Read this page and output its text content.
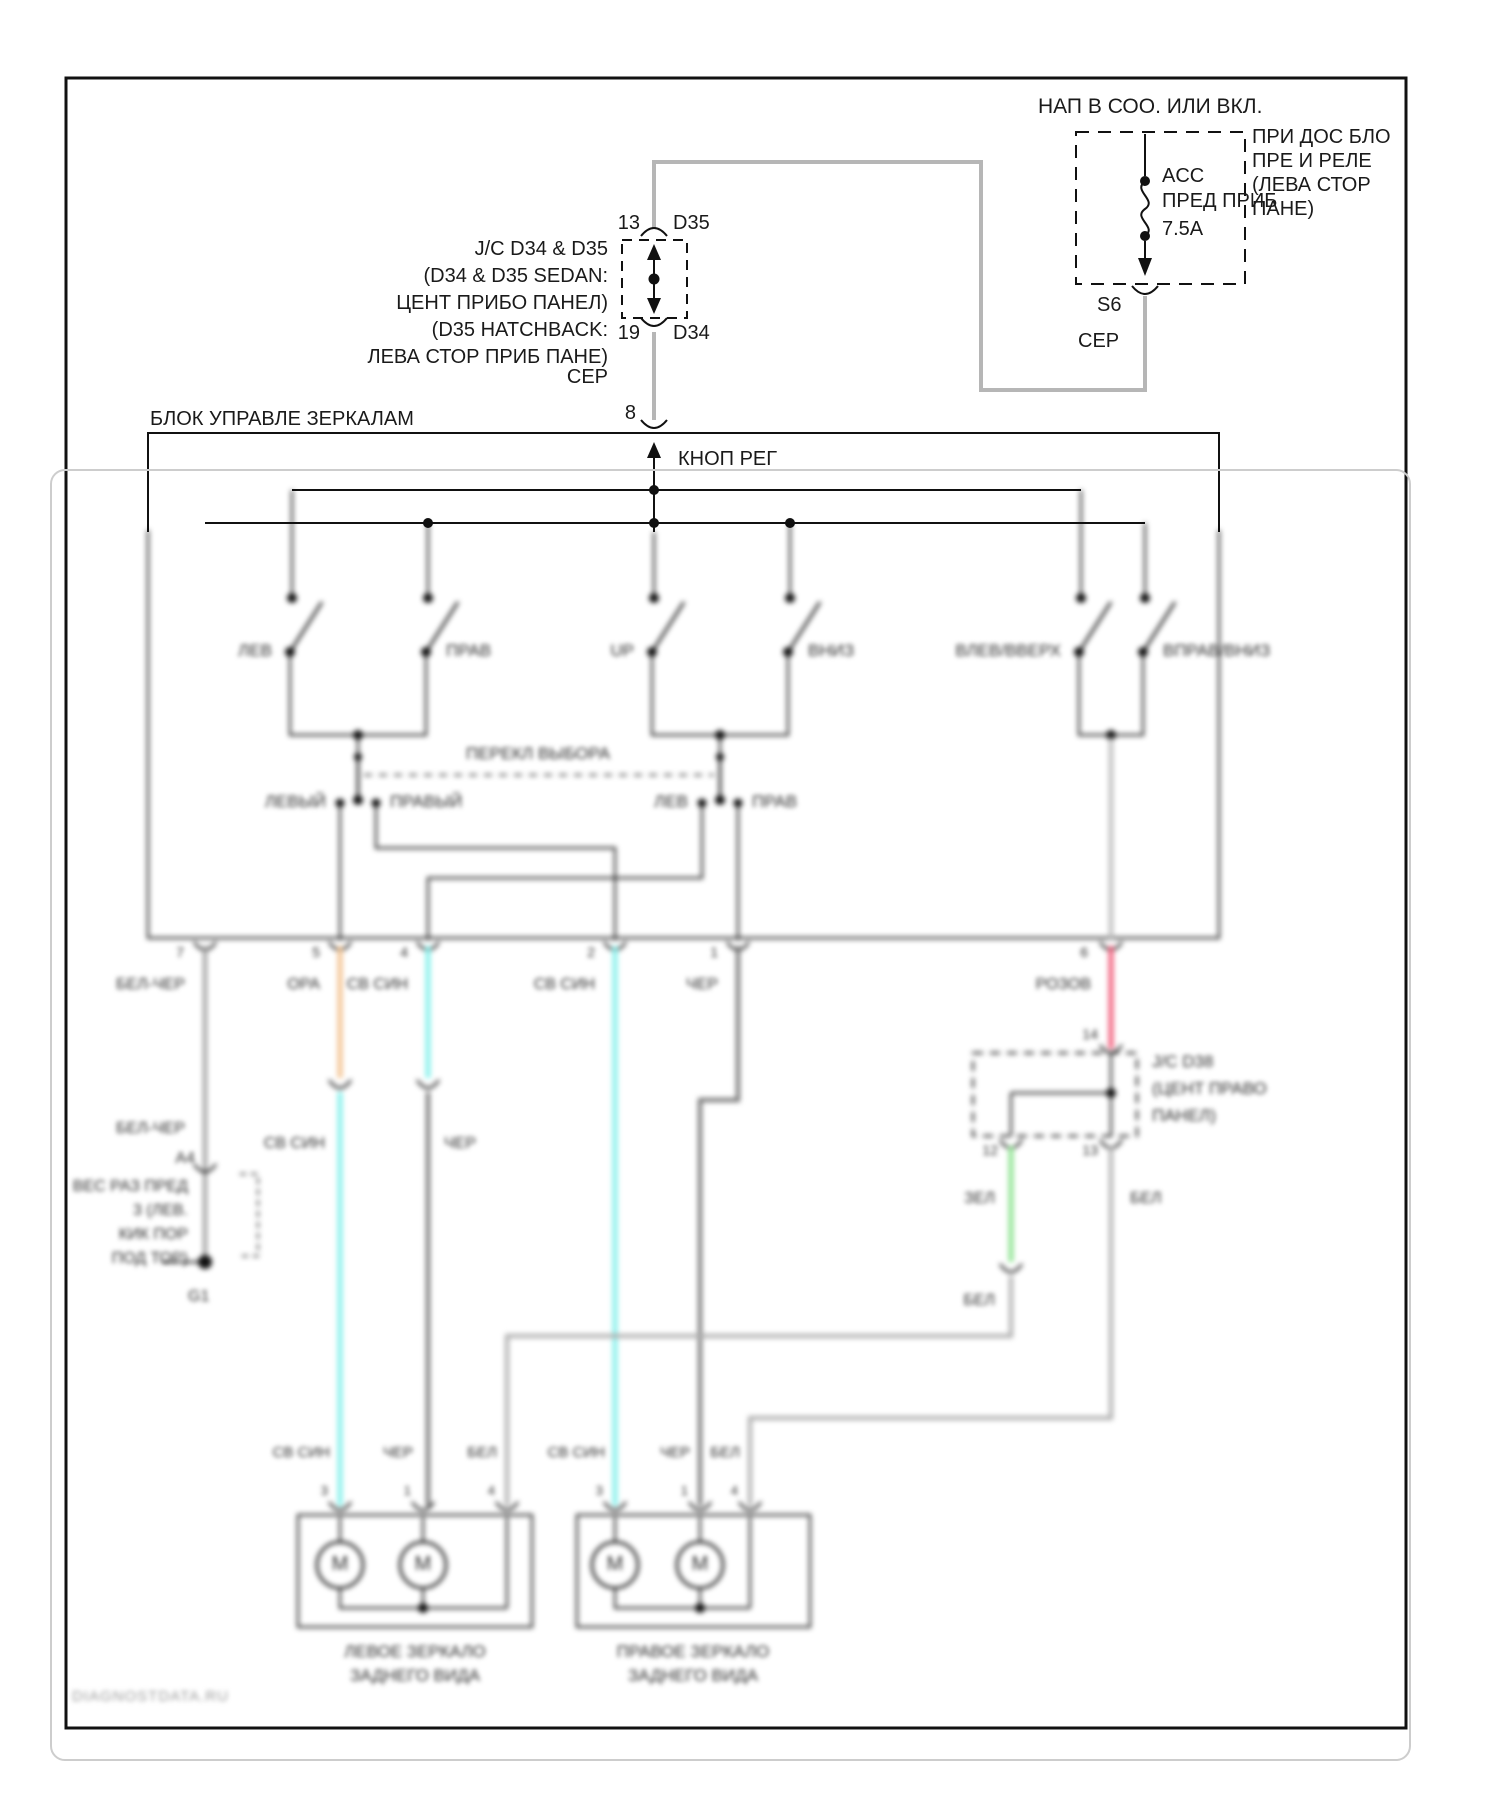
НАП В СОО. ИЛИ ВКЛ.
ACC
ПРЕД ПРИБ
7.5A
ПРИ ДОС БЛО
ПРЕ И РЕЛЕ
(ЛЕВА СТОР
ПАНЕ)
S6
СЕР
13 D35
J/C D34 & D35
(D34 & D35 SEDAN:
ЦЕНТ ПРИБО ПАНЕЛ)
(D35 HATCHBACK:
ЛЕВА СТОР ПРИБ ПАНЕ)
19 D34
СЕР
8
БЛОК УПРАВЛЕ ЗЕРКАЛАМ
КНОП РЕГ
ЛЕВ	ПРАВ	UP	ВНИЗ	ВЛЕВ/ВВЕРХ	ВПРАВ/ВНИЗ
ПЕРЕКЛ ВЫБОРА
ЛЕВЫЙ	ПРАВЫЙ	ЛЕВ	ПРАВ
7	5	4	2	1	6
БЕЛ-ЧЕР	ОРА	СВ СИН	СВ СИН	ЧЕР	РОЗОВ
БЕЛ-ЧЕР
A4
ВЕС РАЗ ПРЕД
3 (ЛЕВ.
КИК ПОР
ПОД ТОР)
G1
СВ СИН	ЧЕР
14
12	13
J/C D38
(ЦЕНТ ПРАВО
ПАНЕЛ)
ЗЕЛ	БЕЛ
БЕЛ
СВ СИН	ЧЕР	БЕЛ	СВ СИН	ЧЕР	БЕЛ
3	1	4	3	1	4
M	M	M	M
ЛЕВОЕ ЗЕРКАЛО
ЗАДНЕГО ВИДА
ПРАВОЕ ЗЕРКАЛО
ЗАДНЕГО ВИДА
DIAGNOSTDATA.RU
